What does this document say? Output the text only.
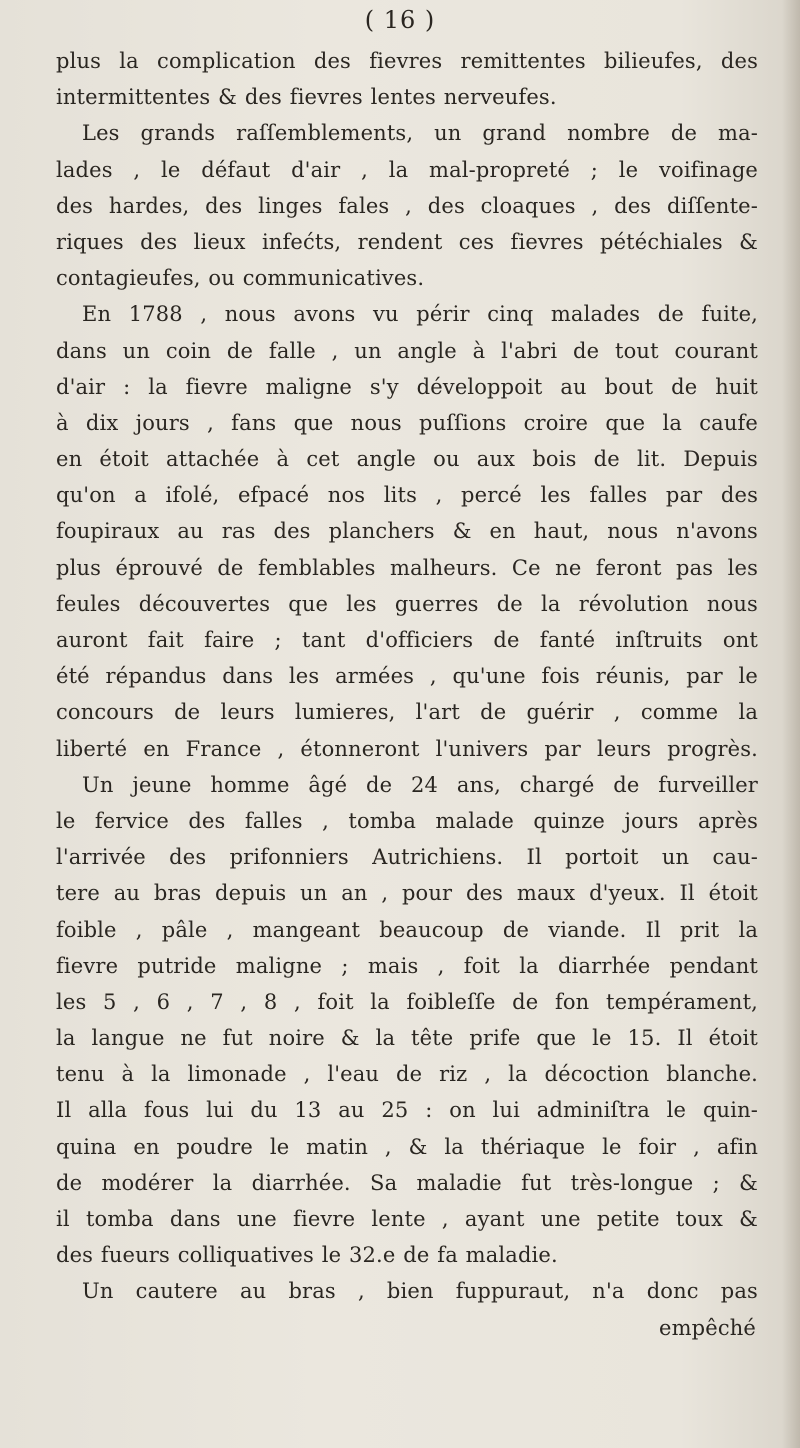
( 16 )
plus la complication des fievres remittentes bilieufes, des
intermittentes & des fievres lentes nerveufes.
Les grands raſſemblements, un grand nombre de ma-
lades , le défaut d'air , la mal-propreté ; le voifinage
des hardes, des linges fales , des cloaques , des diſſente-
riques des lieux infećts, rendent ces fievres pétéchiales &
contagieufes, ou communicatives.
En 1788 , nous avons vu périr cinq malades de fuite,
dans un coin de falle , un angle à l'abri de tout courant
d'air : la fievre maligne s'y développoit au bout de huit
à dix jours , fans que nous puſſions croire que la caufe
en étoit attachée à cet angle ou aux bois de lit. Depuis
qu'on a ifolé, efpacé nos lits , percé les falles par des
foupiraux au ras des planchers & en haut, nous n'avons
plus éprouvé de femblables malheurs. Ce ne feront pas les
feules découvertes que les guerres de la révolution nous
auront fait faire ; tant d'officiers de fanté inſtruits ont
été répandus dans les armées , qu'une fois réunis, par le
concours de leurs lumieres, l'art de guérir , comme la
liberté en France , étonneront l'univers par leurs progrès.
Un jeune homme âgé de 24 ans, chargé de furveiller
le fervice des falles , tomba malade quinze jours après
l'arrivée des prifonniers Autrichiens. Il portoit un cau-
tere au bras depuis un an , pour des maux d'yeux. Il étoit
foible , pâle , mangeant beaucoup de viande. Il prit la
fievre putride maligne ; mais , foit la diarrhée pendant
les 5 , 6 , 7 , 8 , foit la foibleſſe de fon tempérament,
la langue ne fut noire & la tête prife que le 15. Il étoit
tenu à la limonade , l'eau de riz , la décoction blanche.
Il alla fous lui du 13 au 25 : on lui adminiſtra le quin-
quina en poudre le matin , & la thériaque le foir , afin
de modérer la diarrhée. Sa maladie fut très-longue ; &
il tomba dans une fievre lente , ayant une petite toux &
des fueurs colliquatives le 32.e de fa maladie.
Un cautere au bras , bien fuppuraut, n'a donc pas
empêché
